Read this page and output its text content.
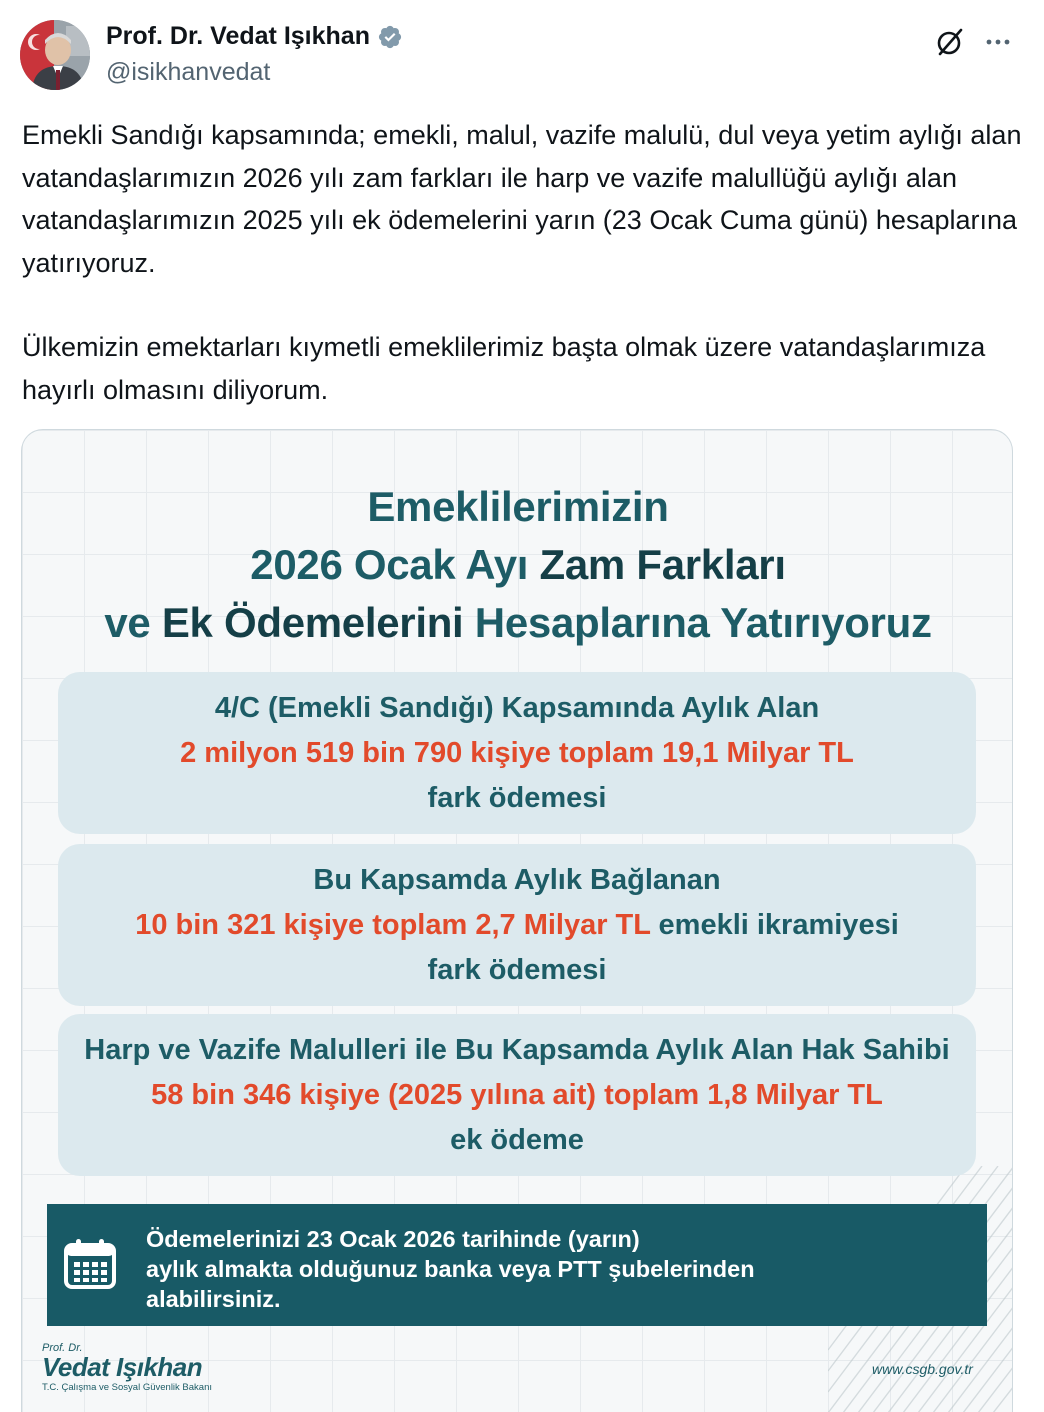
Prof. Dr. Vedat Işıkhan
@isikhanvedat

Emekli Sandığı kapsamında; emekli, malul, vazife malulü, dul veya yetim aylığı alan vatandaşlarımızın 2026 yılı zam farkları ile harp ve vazife malullüğü aylığı alan vatandaşlarımızın 2025 yılı ek ödemelerini yarın (23 Ocak Cuma günü) hesaplarına yatırıyoruz.

Ülkemizin emektarları kıymetli emeklilerimiz başta olmak üzere vatandaşlarımıza hayırlı olmasını diliyorum.

Emeklilerimizin
2026 Ocak Ayı Zam Farkları
ve Ek Ödemelerini Hesaplarına Yatırıyoruz
4/C (Emekli Sandığı) Kapsamında Aylık Alan
2 milyon 519 bin 790 kişiye toplam 19,1 Milyar TL
fark ödemesi
Bu Kapsamda Aylık Bağlanan
10 bin 321 kişiye toplam 2,7 Milyar TL emekli ikramiyesi
fark ödemesi
Harp ve Vazife Malulleri ile Bu Kapsamda Aylık Alan Hak Sahibi
58 bin 346 kişiye (2025 yılına ait) toplam 1,8 Milyar TL
ek ödeme
Ödemelerinizi 23 Ocak 2026 tarihinde (yarın)
aylık almakta olduğunuz banka veya PTT şubelerinden
alabilirsiniz.
Prof. Dr.
Vedat Işıkhan
T.C. Çalışma ve Sosyal Güvenlik Bakanı
www.csgb.gov.tr
